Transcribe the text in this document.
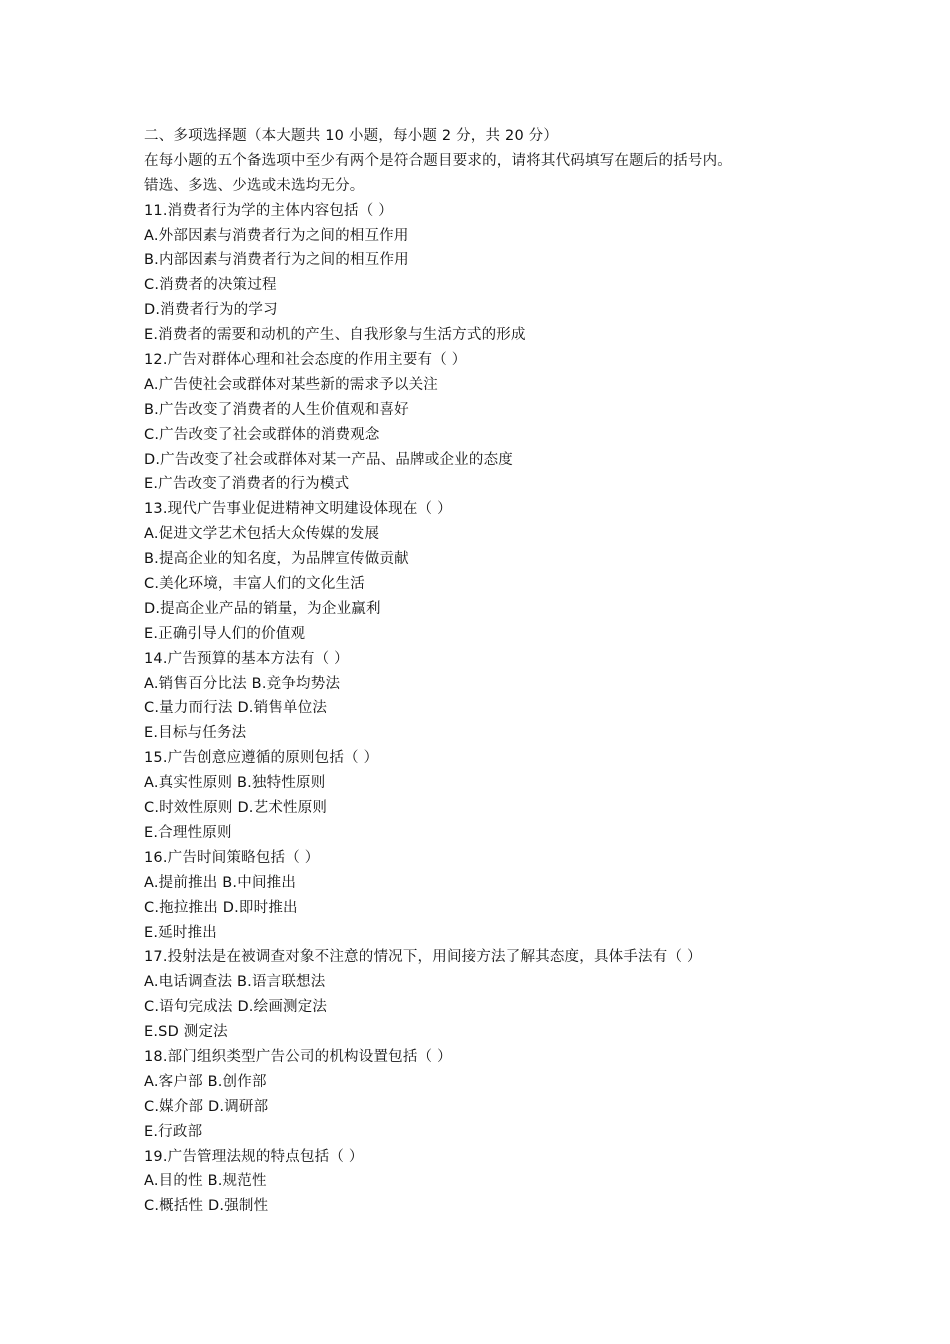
二、多项选择题（本大题共 10 小题，每小题 2 分，共 20 分）
在每小题的五个备选项中至少有两个是符合题目要求的，请将其代码填写在题后的括号内。
错选、多选、少选或未选均无分。
11.消费者行为学的主体内容包括（ ）
A.外部因素与消费者行为之间的相互作用
B.内部因素与消费者行为之间的相互作用
C.消费者的决策过程
D.消费者行为的学习
E.消费者的需要和动机的产生、自我形象与生活方式的形成
12.广告对群体心理和社会态度的作用主要有（ ）
A.广告使社会或群体对某些新的需求予以关注
B.广告改变了消费者的人生价值观和喜好
C.广告改变了社会或群体的消费观念
D.广告改变了社会或群体对某一产品、品牌或企业的态度
E.广告改变了消费者的行为模式
13.现代广告事业促进精神文明建设体现在（ ）
A.促进文学艺术包括大众传媒的发展
B.提高企业的知名度，为品牌宣传做贡献
C.美化环境，丰富人们的文化生活
D.提高企业产品的销量，为企业赢利
E.正确引导人们的价值观
14.广告预算的基本方法有（ ）
A.销售百分比法 B.竞争均势法
C.量力而行法 D.销售单位法
E.目标与任务法
15.广告创意应遵循的原则包括（ ）
A.真实性原则 B.独特性原则
C.时效性原则 D.艺术性原则
E.合理性原则
16.广告时间策略包括（ ）
A.提前推出 B.中间推出
C.拖拉推出 D.即时推出
E.延时推出
17.投射法是在被调查对象不注意的情况下，用间接方法了解其态度，具体手法有（ ）
A.电话调查法 B.语言联想法
C.语句完成法 D.绘画测定法
E.SD 测定法
18.部门组织类型广告公司的机构设置包括（ ）
A.客户部 B.创作部
C.媒介部 D.调研部
E.行政部
19.广告管理法规的特点包括（ ）
A.目的性 B.规范性
C.概括性 D.强制性
